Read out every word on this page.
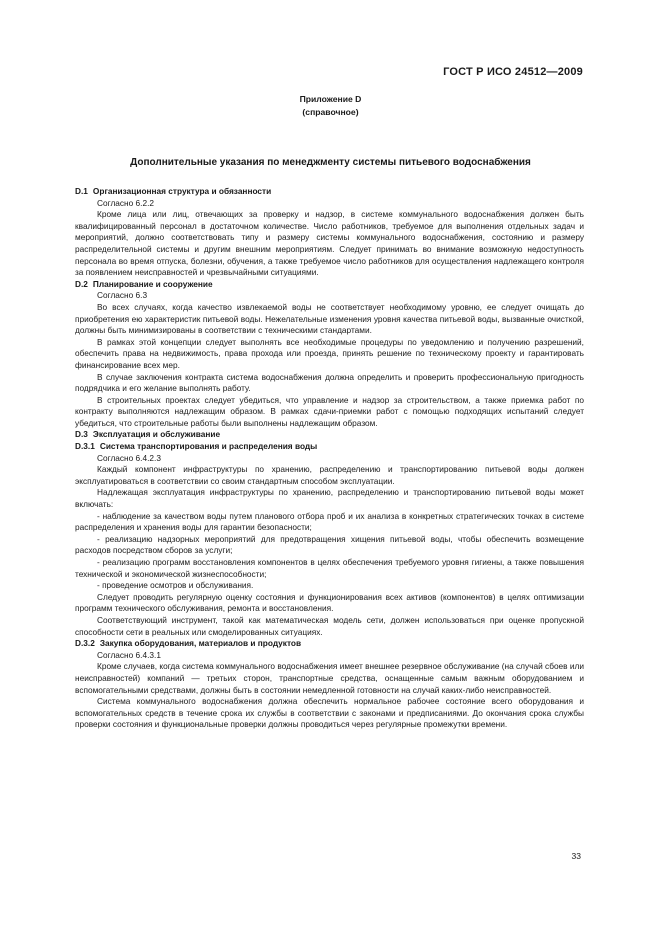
ГОСТ Р ИСО 24512—2009
Приложение D
(справочное)
Дополнительные указания по менеджменту системы питьевого водоснабжения
D.1 Организационная структура и обязанности
Согласно 6.2.2
Кроме лица или лиц, отвечающих за проверку и надзор, в системе коммунального водоснабжения должен быть квалифицированный персонал в достаточном количестве. Число работников, требуемое для выполнения отдельных задач и мероприятий, должно соответствовать типу и размеру системы коммунального водоснабжения, состоянию и размеру распределительной системы и другим внешним мероприятиям. Следует принимать во внимание возможную недоступность персонала во время отпуска, болезни, обучения, а также требуемое число работников для осуществления надлежащего контроля за появлением неисправностей и чрезвычайными ситуациями.
D.2 Планирование и сооружение
Согласно 6.3
Во всех случаях, когда качество извлекаемой воды не соответствует необходимому уровню, ее следует очищать до приобретения ею характеристик питьевой воды. Нежелательные изменения уровня качества питьевой воды, вызванные очисткой, должны быть минимизированы в соответствии с техническими стандартами.
В рамках этой концепции следует выполнять все необходимые процедуры по уведомлению и получению разрешений, обеспечить права на недвижимость, права прохода или проезда, принять решение по техническому проекту и гарантировать финансирование всех мер.
В случае заключения контракта система водоснабжения должна определить и проверить профессиональную пригодность подрядчика и его желание выполнять работу.
В строительных проектах следует убедиться, что управление и надзор за строительством, а также приемка работ по контракту выполняются надлежащим образом. В рамках сдачи-приемки работ с помощью подходящих испытаний следует убедиться, что строительные работы были выполнены надлежащим образом.
D.3 Эксплуатация и обслуживание
D.3.1 Система транспортирования и распределения воды
Согласно 6.4.2.3
Каждый компонент инфраструктуры по хранению, распределению и транспортированию питьевой воды должен эксплуатироваться в соответствии со своим стандартным способом эксплуатации.
Надлежащая эксплуатация инфраструктуры по хранению, распределению и транспортированию питьевой воды может включать:
- наблюдение за качеством воды путем планового отбора проб и их анализа в конкретных стратегических точках в системе распределения и хранения воды для гарантии безопасности;
- реализацию надзорных мероприятий для предотвращения хищения питьевой воды, чтобы обеспечить возмещение расходов посредством сборов за услуги;
- реализацию программ восстановления компонентов в целях обеспечения требуемого уровня гигиены, а также повышения технической и экономической жизнеспособности;
- проведение осмотров и обслуживания.
Следует проводить регулярную оценку состояния и функционирования всех активов (компонентов) в целях оптимизации программ технического обслуживания, ремонта и восстановления.
Соответствующий инструмент, такой как математическая модель сети, должен использоваться при оценке пропускной способности сети в реальных или смоделированных ситуациях.
D.3.2 Закупка оборудования, материалов и продуктов
Согласно 6.4.3.1
Кроме случаев, когда система коммунального водоснабжения имеет внешнее резервное обслуживание (на случай сбоев или неисправностей) компаний — третьих сторон, транспортные средства, оснащенные самым важным оборудованием и вспомогательными средствами, должны быть в состоянии немедленной готовности на случай каких-либо неисправностей.
Система коммунального водоснабжения должна обеспечить нормальное рабочее состояние всего оборудования и вспомогательных средств в течение срока их службы в соответствии с законами и предписаниями. До окончания срока службы проверки состояния и функциональные проверки должны проводиться через регулярные промежутки времени.
33
